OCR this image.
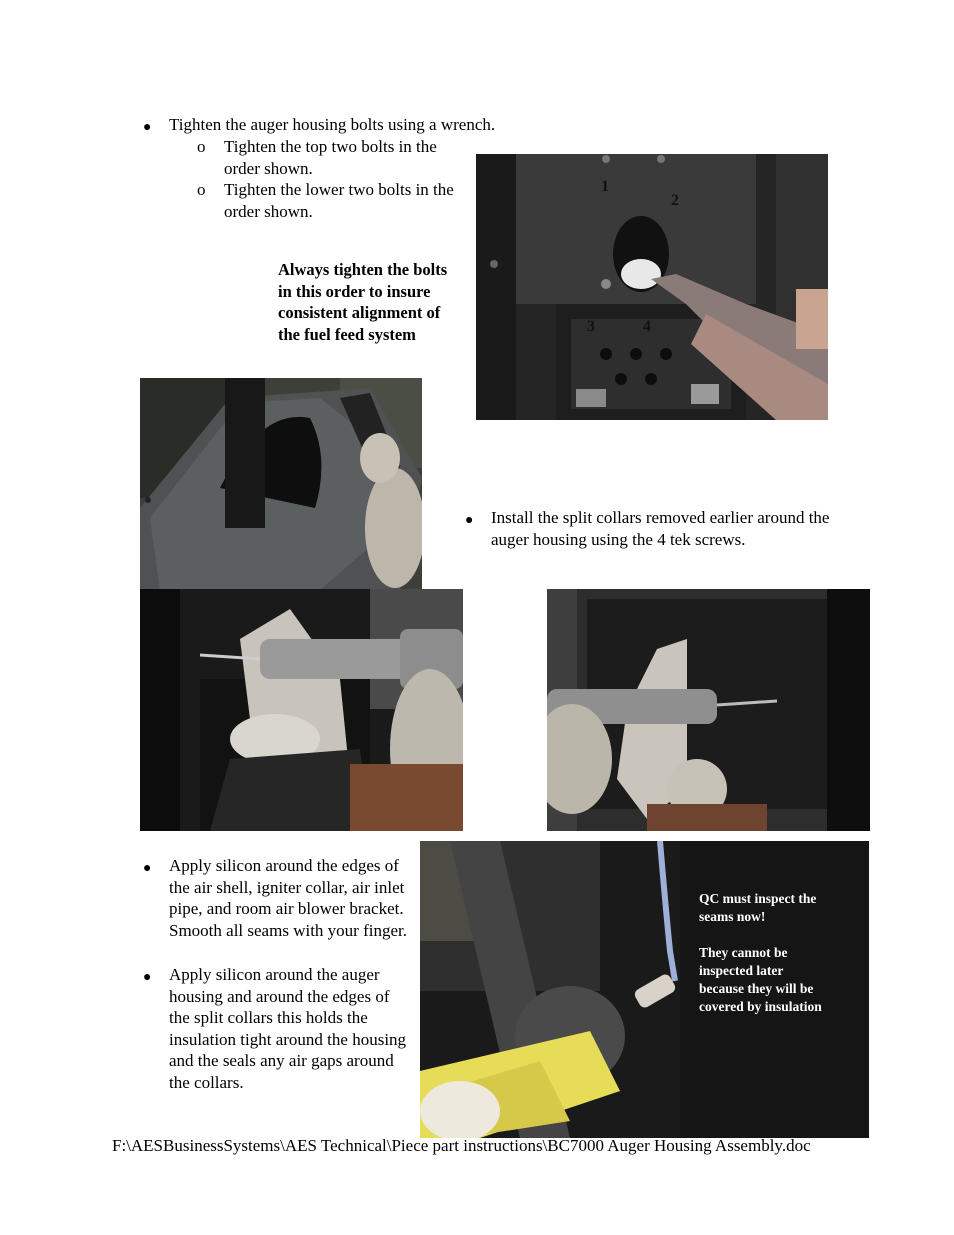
● Tighten the auger housing bolts using a wrench.
o Tighten the top two bolts in the order shown.
o Tighten the lower two bolts in the order shown.
Always tighten the bolts in this order to insure consistent alignment of the fuel feed system
1
2
3	4
● Install the split collars removed earlier around the auger housing using the 4 tek screws.
● Apply silicon around the edges of the air shell, igniter collar, air inlet pipe, and room air blower bracket. Smooth all seams with your finger.
● Apply silicon around the auger housing and around the edges of the split collars this holds the insulation tight around the housing and the seals any air gaps around the collars.
QC must inspect the seams now!
They cannot be inspected later because they will be covered by insulation
F:\AESBusinessSystems\AES Technical\Piece part instructions\BC7000 Auger Housing Assembly.doc
